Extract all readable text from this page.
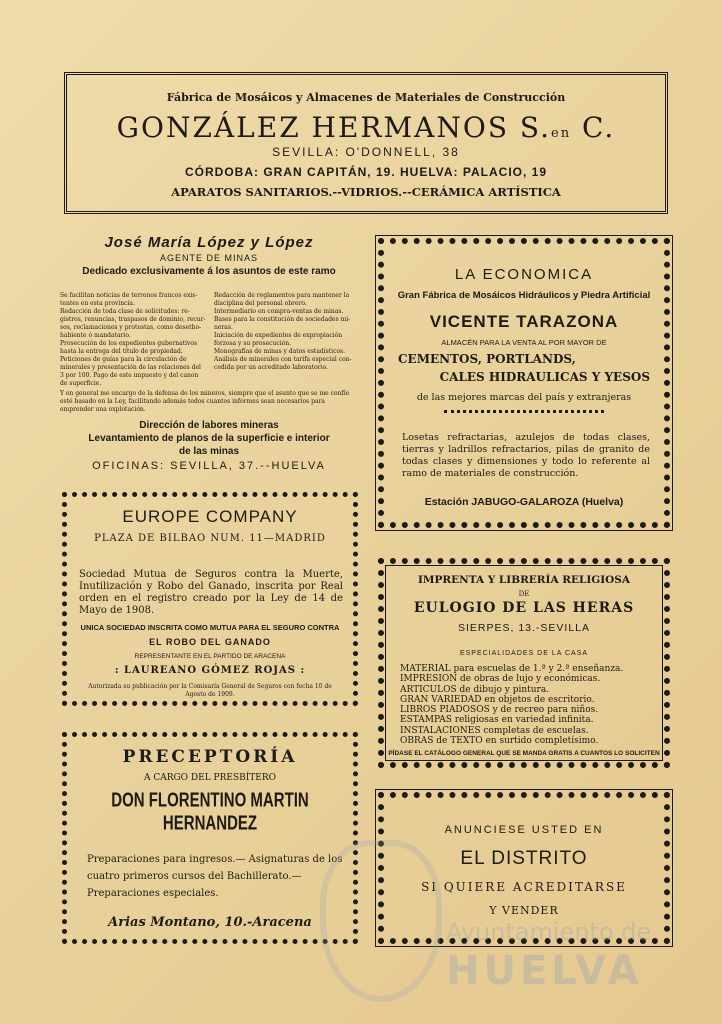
Fábrica de Mosáicos y Almacenes de Materiales de Construcción
GONZÁLEZ HERMANOS S.en C.
SEVILLA: O'DONNELL, 38
CÓRDOBA: GRAN CAPITÁN, 19. HUELVA: PALACIO, 19
APARATOS SANITARIOS.--VIDRIOS.--CERÁMICA ARTÍSTICA
José María López y López
AGENTE DE MINAS
Dedicado exclusivamente á los asuntos de este ramo
Se facilitan noticias de terrenos francos exis-
tentes en esta provincia.
Redacción de toda clase de solicitudes: re-
gistros, renuncias, traspasos de dominio, recur-
sos, reclamaciones y protestas, como desetho-
habiente ó mandatario.
Prosecución de los expedientes gubernativos
hasta la entrega del título de propiedad.
Peticiones de guías para la circulación de
minerales y presentación de las relaciones del
3 por 100. Pago de este impuesto y del canon
de superficie.
Redacción de reglamentos para mantener la
disciplina del personal obrero.
Intermediario en compra-ventas de minas.
Bases para la constitución de sociedades mi-
neras.
Iniciación de expedientes de expropiación
forzosa y su prosecución.
Monografías de minas y datos estadísticos.
Análisis de minerales con tarifa especial con-
cedida por un acreditado laboratorio.
Y en general me encargo de la defensa de los mineros, siempre que el asunto que se me confíe esté basado en la Ley, facilitando además todos cuantos informes sean necesarios para emprender una explotación.
Dirección de labores mineras
Levantamiento de planos de la superficie e interior
de las minas
OFICINAS: SEVILLA, 37.--HUELVA
LA ECONOMICA
Gran Fábrica de Mosáicos Hidráulicos y Piedra Artificial
VICENTE TARAZONA
ALMACÉN PARA LA VENTA AL POR MAYOR DE
CEMENTOS, PORTLANDS,
CALES HIDRAULICAS Y YESOS
de las mejores marcas del país y extranjeras
Losetas refractarias, azulejos de todas clases, tierras y ladrillos refractarios, pilas de granito de todas clases y dimensiones y todo lo referente al ramo de materiales de construcción.
Estación JABUGO-GALAROZA (Huelva)
EUROPE COMPANY
PLAZA DE BILBAO NUM. 11—MADRID
Sociedad Mutua de Seguros contra la Muerte, Inutilización y Robo del Ganado, inscrita por Real orden en el registro creado por la Ley de 14 de Mayo de 1908.
UNICA SOCIEDAD INSCRITA COMO MUTUA PARA EL SEGURO CONTRA
EL ROBO DEL GANADO
REPRESENTANTE EN EL PARTIDO DE ARACENA
: LAUREANO GÓMEZ ROJAS :
Autorizada su publicación por la Comisaría General de Seguros con fecha 10 de Agosto de 1909.
IMPRENTA Y LIBRERÍA RELIGIOSA
DE
EULOGIO DE LAS HERAS
SIERPES, 13.-SEVILLA
ESPECIALIDADES DE LA CASA
MATERIAL para escuelas de 1.ª y 2.ª enseñanza.
IMPRESION de obras de lujo y económicas.
ARTICULOS de dibujo y pintura.
GRAN VARIEDAD en objetos de escritorio.
LIBROS PIADOSOS y de recreo para niños.
ESTAMPAS religiosas en variedad infinita.
INSTALACIONES completas de escuelas.
OBRAS de TEXTO en surtido completísimo.
PÍDASE EL CATÁLOGO GENERAL QUE SE MANDA GRATIS A CUANTOS LO SOLICITEN
PRECEPTORÍA
A CARGO DEL PRESBÍTERO
DON FLORENTINO MARTIN HERNANDEZ
Preparaciones para ingresos.— Asignaturas de los cuatro primeros cursos del Bachillerato.— Preparaciones especiales.
Arias Montano, 10.-Aracena
ANUNCIESE USTED EN
EL DISTRITO
SI QUIERE ACREDITARSE
Y VENDER
Ayuntamiento de
HUELVA
